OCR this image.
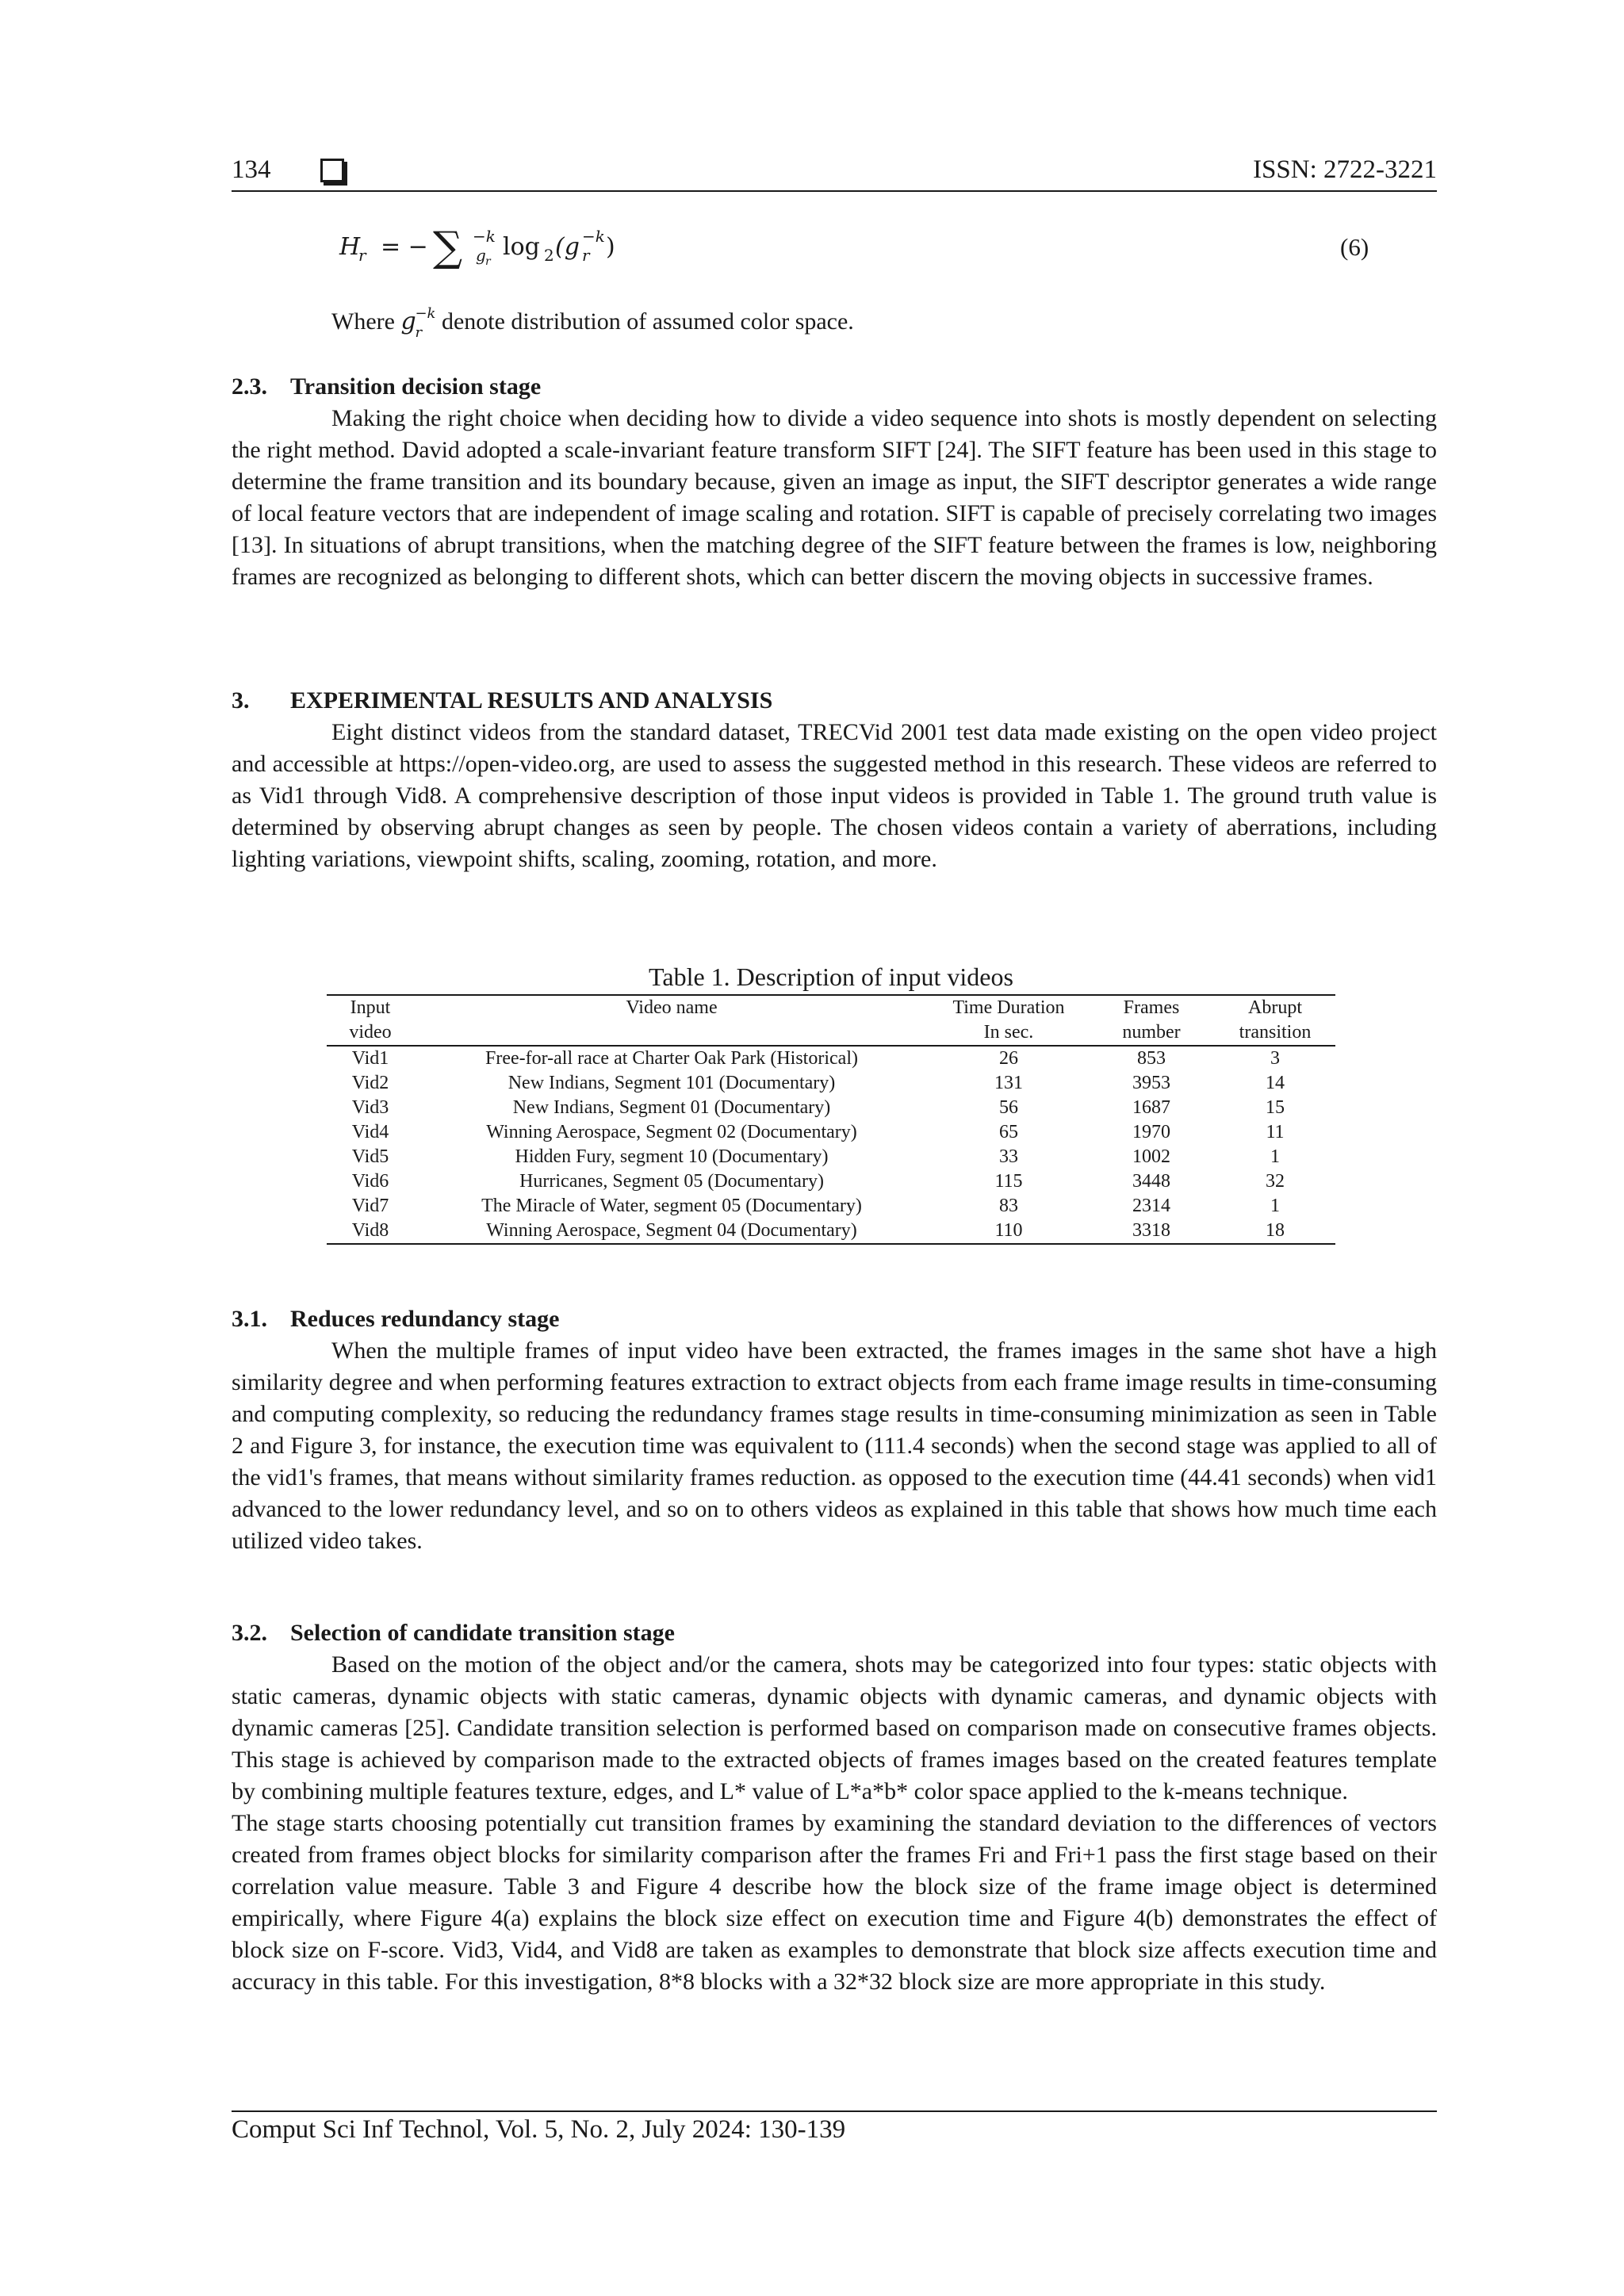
134	ISSN: 2722-3221
H
r = − ∑ −k
g r
log 2 (g r
−k )	(6)
Where g
r
−k denote distribution of assumed color space.
2.3. Transition decision stage

Making the right choice when deciding how to divide a video sequence into shots is mostly dependent on selecting the right method. David adopted a scale-invariant feature transform SIFT [24]. The SIFT feature has been used in this stage to determine the frame transition and its boundary because, given an image as input, the SIFT descriptor generates a wide range of local feature vectors that are independent of image scaling and rotation. SIFT is capable of precisely correlating two images [13]. In situations of abrupt transitions, when the matching degree of the SIFT feature between the frames is low, neighboring frames are recognized as belonging to different shots, which can better discern the moving objects in successive frames.

3. EXPERIMENTAL RESULTS AND ANALYSIS

Eight distinct videos from the standard dataset, TRECVid 2001 test data made existing on the open video project and accessible at https://open-video.org, are used to assess the suggested method in this research. These videos are referred to as Vid1 through Vid8. A comprehensive description of those input videos is provided in Table 1. The ground truth value is determined by observing abrupt changes as seen by people. The chosen videos contain a variety of aberrations, including lighting variations, viewpoint shifts, scaling, zooming, rotation, and more.

Table 1. Description of input videos
Input	Video name	Time Duration	Frames	Abrupt
video		In sec.	number	transition
Vid1	Free-for-all race at Charter Oak Park (Historical)	26	853	3
Vid2	New Indians, Segment 101 (Documentary)	131	3953	14
Vid3	New Indians, Segment 01 (Documentary)	56	1687	15
Vid4	Winning Aerospace, Segment 02 (Documentary)	65	1970	11
Vid5	Hidden Fury, segment 10 (Documentary)	33	1002	1
Vid6	Hurricanes, Segment 05 (Documentary)	115	3448	32
Vid7	The Miracle of Water, segment 05 (Documentary)	83	2314	1
Vid8	Winning Aerospace, Segment 04 (Documentary)	110	3318	18
3.1. Reduces redundancy stage

When the multiple frames of input video have been extracted, the frames images in the same shot have a high similarity degree and when performing features extraction to extract objects from each frame image results in time-consuming and computing complexity, so reducing the redundancy frames stage results in time-consuming minimization as seen in Table 2 and Figure 3, for instance, the execution time was equivalent to (111.4 seconds) when the second stage was applied to all of the vid1's frames, that means without similarity frames reduction. as opposed to the execution time (44.41 seconds) when vid1 advanced to the lower redundancy level, and so on to others videos as explained in this table that shows how much time each utilized video takes.

3.2. Selection of candidate transition stage

Based on the motion of the object and/or the camera, shots may be categorized into four types: static objects with static cameras, dynamic objects with static cameras, dynamic objects with dynamic cameras, and dynamic objects with dynamic cameras [25]. Candidate transition selection is performed based on comparison made on consecutive frames objects. This stage is achieved by comparison made to the extracted objects of frames images based on the created features template by combining multiple features texture, edges, and L* value of L*a*b* color space applied to the k-means technique.

The stage starts choosing potentially cut transition frames by examining the standard deviation to the differences of vectors created from frames object blocks for similarity comparison after the frames Fri and Fri+1 pass the first stage based on their correlation value measure. Table 3 and Figure 4 describe how the block size of the frame image object is determined empirically, where Figure 4(a) explains the block size effect on execution time and Figure 4(b) demonstrates the effect of block size on F-score. Vid3, Vid4, and Vid8 are taken as examples to demonstrate that block size affects execution time and accuracy in this table. For this investigation, 8*8 blocks with a 32*32 block size are more appropriate in this study.

Comput Sci Inf Technol, Vol. 5, No. 2, July 2024: 130-139
